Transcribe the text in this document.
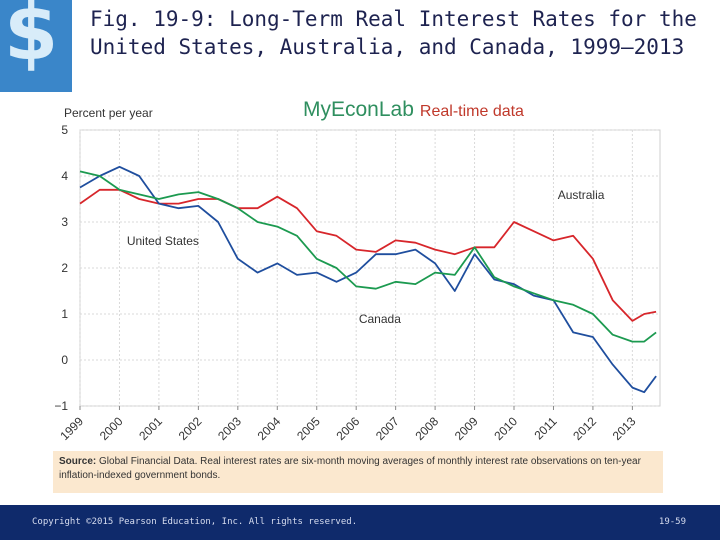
$ Fig. 19-9: Long-Term Real Interest Rates for the United States, Australia, and Canada, 1999–2013
MyEconLab Real-time data
Percent per year
5
4
3
2
1
0
−1
1999 2000 2001 2002 2003 2004 2005 2006 2007 2008 2009 2010 2011 2012 2013
Australia
United States
Canada
Source: Global Financial Data. Real interest rates are six-month moving averages of monthly interest rate observations on ten-year inflation-indexed government bonds.
Copyright ©2015 Pearson Education, Inc. All rights reserved.	19-59
